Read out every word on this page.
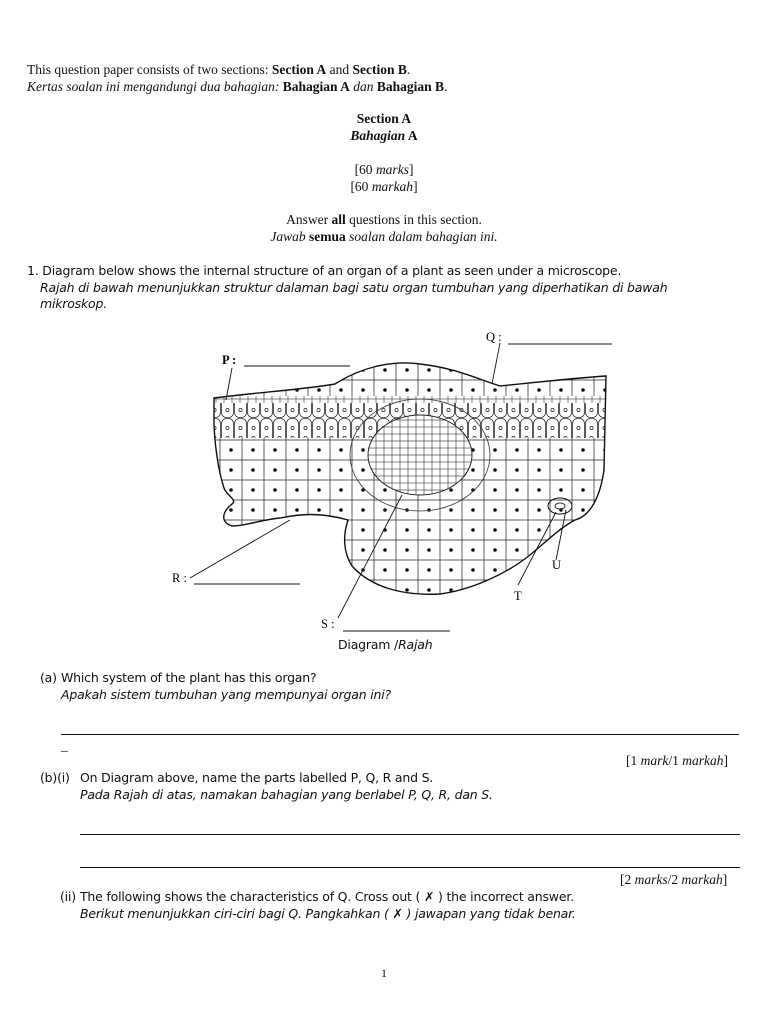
This question paper consists of two sections: Section A and Section B.
Kertas soalan ini mengandungi dua bahagian: Bahagian A dan Bahagian B.
Section A
Bahagian A
[60 marks]
[60 markah]
Answer all questions in this section.
Jawab semua soalan dalam bahagian ini.
1. Diagram below shows the internal structure of an organ of a plant as seen under a microscope.
Rajah di bawah menunjukkan struktur dalaman bagi satu organ tumbuhan yang diperhatikan di bawah
mikroskop.
P :
Q :
R :
S :
U
T
Diagram /Rajah
(a) Which system of the plant has this organ?
Apakah sistem tumbuhan yang mempunyai organ ini?
_
[1 mark/1 markah]
(b)(i) On Diagram above, name the parts labelled P, Q, R and S.
Pada Rajah di atas, namakan bahagian yang berlabel P, Q, R, dan S.
[2 marks/2 markah]
(ii) The following shows the characteristics of Q. Cross out ( ✗ ) the incorrect answer.
Berikut menunjukkan ciri-ciri bagi Q. Pangkahkan ( ✗ ) jawapan yang tidak benar.
1
